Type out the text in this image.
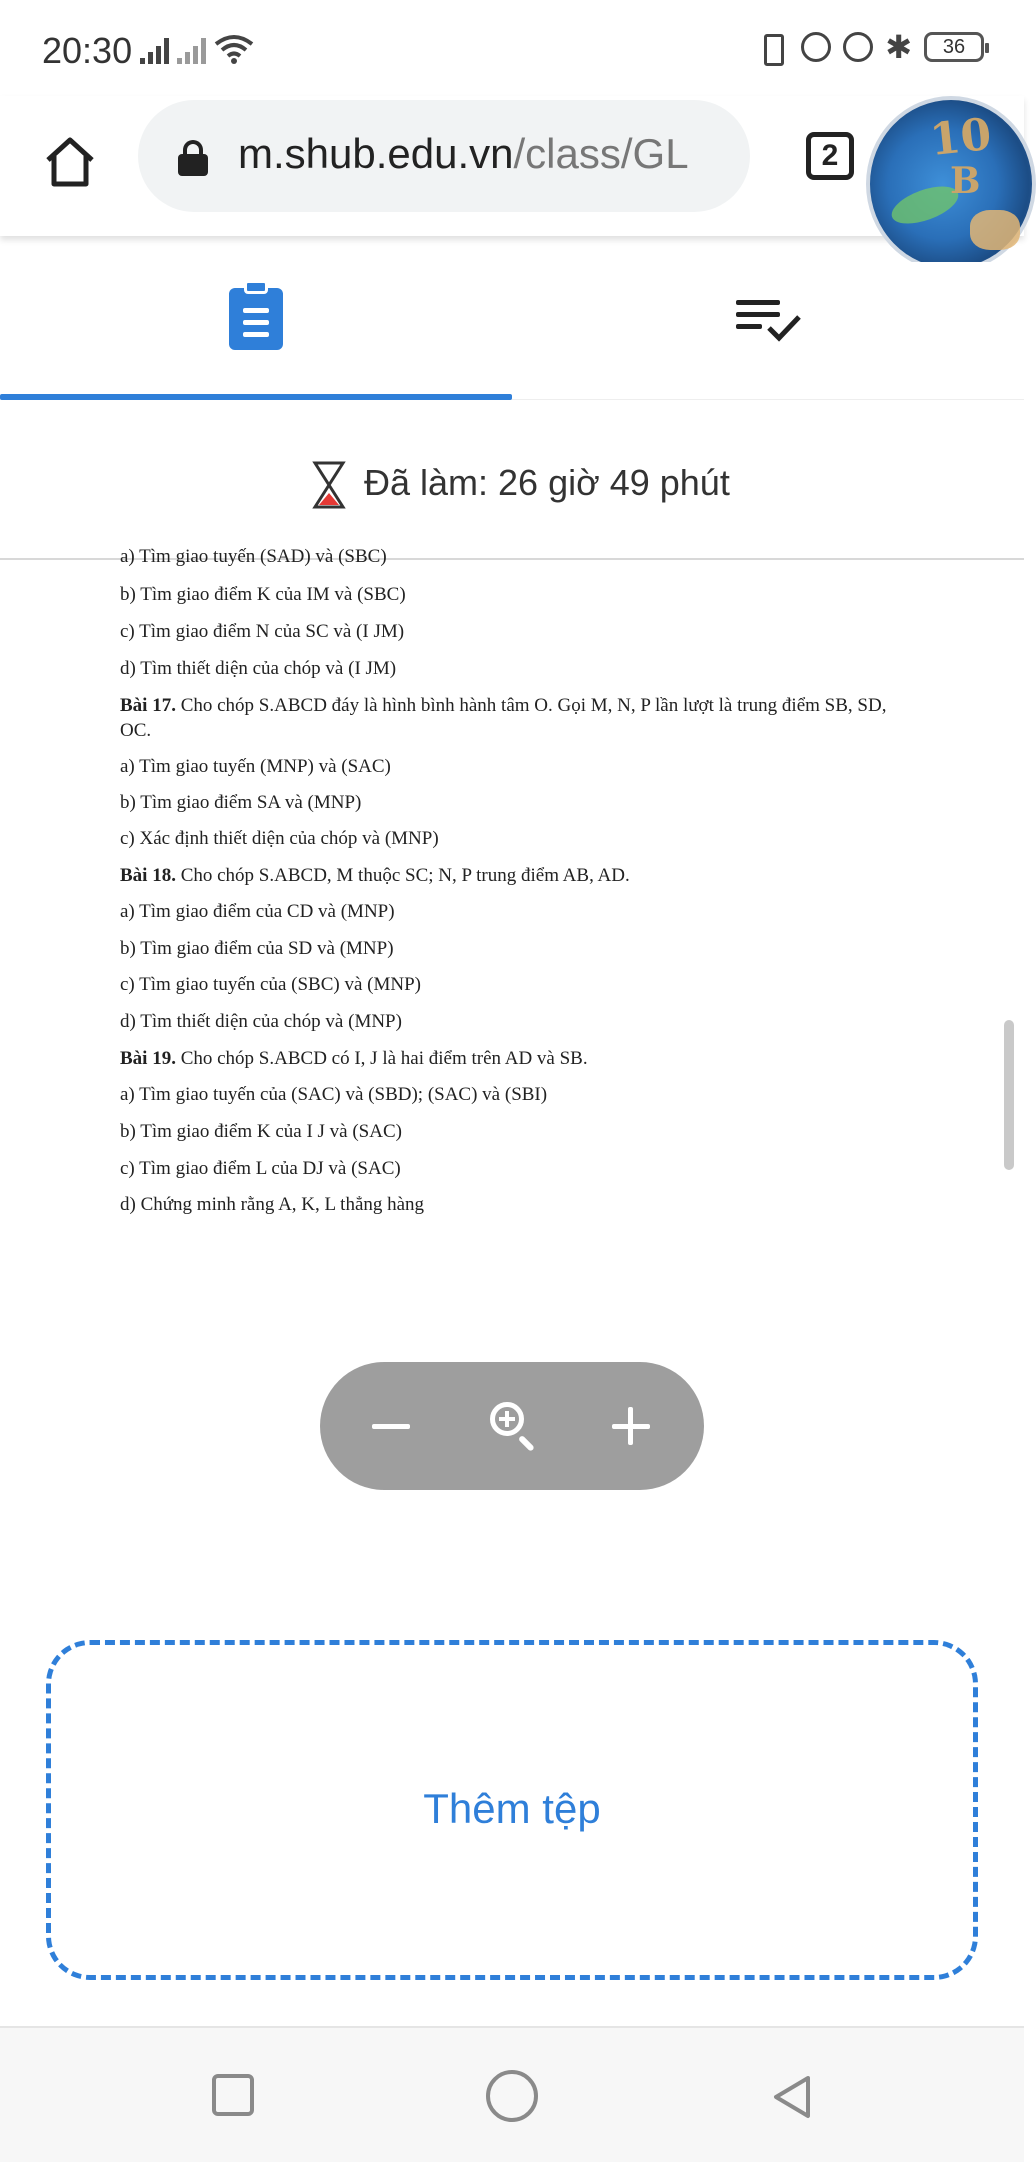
20:30	✱	36
m.shub.edu.vn/class/GL	2	10
B
Đã làm: 26 giờ 49 phút
a) Tìm giao tuyến (SAD) và (SBC)
b) Tìm giao điểm K của IM và (SBC)
c) Tìm giao điểm N của SC và (I JM)
d) Tìm thiết diện của chóp và (I JM)
Bài 17. Cho chóp S.ABCD đáy là hình bình hành tâm O. Gọi M, N, P lần lượt là trung điểm SB, SD,
OC.
a) Tìm giao tuyến (MNP) và (SAC)
b) Tìm giao điểm SA và (MNP)
c) Xác định thiết diện của chóp và (MNP)
Bài 18. Cho chóp S.ABCD, M thuộc SC; N, P trung điểm AB, AD.
a) Tìm giao điểm của CD và (MNP)
b) Tìm giao điểm của SD và (MNP)
c) Tìm giao tuyến của (SBC) và (MNP)
d) Tìm thiết diện của chóp và (MNP)
Bài 19. Cho chóp S.ABCD có I, J là hai điểm trên AD và SB.
a) Tìm giao tuyến của (SAC) và (SBD); (SAC) và (SBI)
b) Tìm giao điểm K của I J và (SAC)
c) Tìm giao điểm L của DJ và (SAC)
d) Chứng minh rằng A, K, L thẳng hàng
Thêm tệp
